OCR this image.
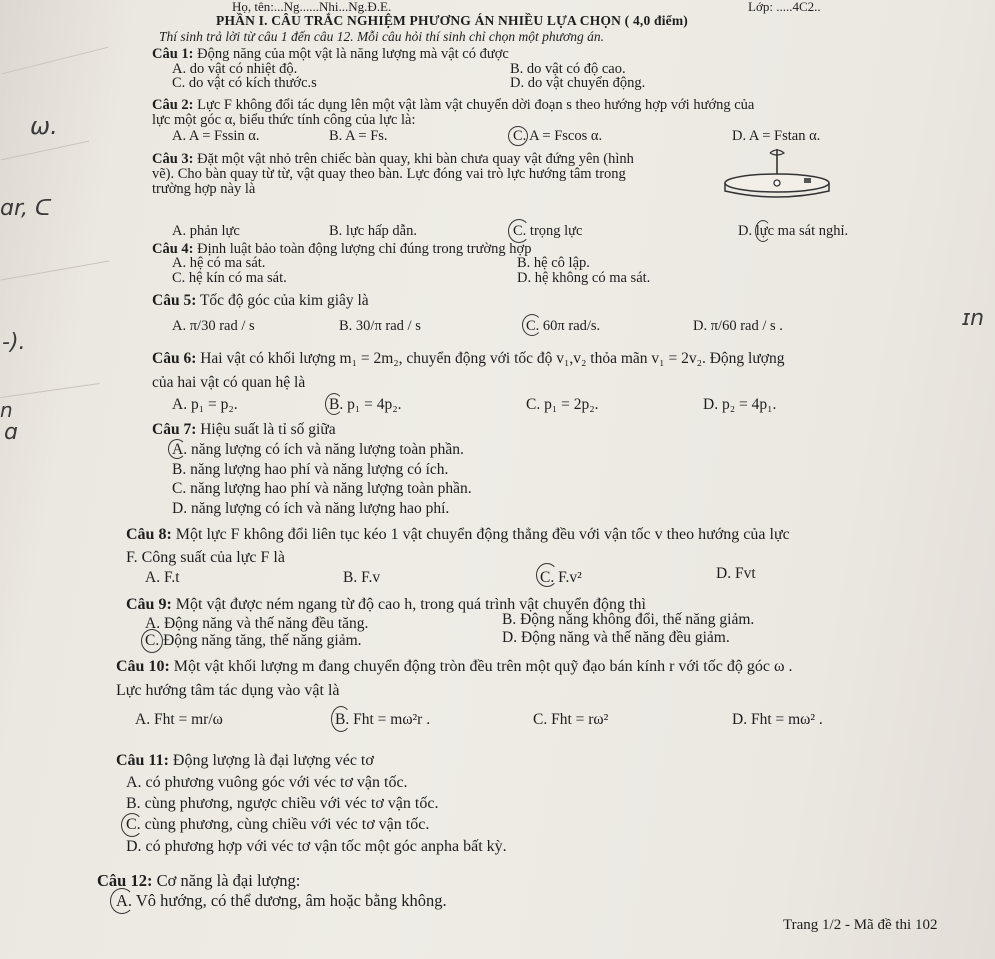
ω.
ɑr, ᑕ
-).
n
ɑ
ɪn
Họ, tên:...Ng......Nhi...Ng.Đ.E.	Lớp: .....4C2..
PHẦN I. CÂU TRẮC NGHIỆM PHƯƠNG ÁN NHIỀU LỰA CHỌN ( 4,0 điểm)
Thí sinh trả lời từ câu 1 đến câu 12. Mỗi câu hỏi thí sinh chỉ chọn một phương án.
Câu 1: Động năng của một vật là năng lượng mà vật có được
A. do vật có nhiệt độ.	B. do vật có độ cao.
C. do vật có kích thước.s	D. do vật chuyển động.
Câu 2: Lực F không đổi tác dụng lên một vật làm vật chuyển dời đoạn s theo hướng hợp với hướng của
lực một góc α, biểu thức tính công của lực là:
A. A = Fssin α.	B. A = Fs.	C. A = Fscos α.	D. A = Fstan α.
Câu 3: Đặt một vật nhỏ trên chiếc bàn quay, khi bàn chưa quay vật đứng yên (hình
vẽ). Cho bàn quay từ từ, vật quay theo bàn. Lực đóng vai trò lực hướng tâm trong
trường hợp này là
A. phản lực	B. lực hấp dẫn.	C. trọng lực	D. lực ma sát nghỉ.
Câu 4: Định luật bảo toàn động lượng chỉ đúng trong trường hợp
A. hệ có ma sát.	B. hệ cô lập.
C. hệ kín có ma sát.	D. hệ không có ma sát.
Câu 5: Tốc độ góc của kim giây là
A. π/30 rad / s	B. 30/π rad / s	C. 60π rad/s.	D. π/60 rad / s .
Câu 6: Hai vật có khối lượng m₁ = 2m₂, chuyển động với tốc độ v₁,v₂ thỏa mãn v₁ = 2v₂. Động lượng
của hai vật có quan hệ là
A. p₁ = p₂.	B. p₁ = 4p₂.	C. p₁ = 2p₂.	D. p₂ = 4p₁.
Câu 7: Hiệu suất là tỉ số giữa
A. năng lượng có ích và năng lượng toàn phần.
B. năng lượng hao phí và năng lượng có ích.
C. năng lượng hao phí và năng lượng toàn phần.
D. năng lượng có ích và năng lượng hao phí.
Câu 8: Một lực F không đổi liên tục kéo 1 vật chuyển động thẳng đều với vận tốc v theo hướng của lực
F. Công suất của lực F là
A. F.t	B. F.v	C. F.v²	D. Fvt
Câu 9: Một vật được ném ngang từ độ cao h, trong quá trình vật chuyển động thì
A. Động năng và thế năng đều tăng.	B. Động năng không đổi, thế năng giảm.
C. Động năng tăng, thế năng giảm.	D. Động năng và thế năng đều giảm.
Câu 10: Một vật khối lượng m đang chuyển động tròn đều trên một quỹ đạo bán kính r với tốc độ góc ω .
Lực hướng tâm tác dụng vào vật là
A. Fht = mr/ω	B. Fht = mω²r .	C. Fht = rω²	D. Fht = mω² .
Câu 11: Động lượng là đại lượng véc tơ
A. có phương vuông góc với véc tơ vận tốc.
B. cùng phương, ngược chiều với véc tơ vận tốc.
C. cùng phương, cùng chiều với véc tơ vận tốc.
D. có phương hợp với véc tơ vận tốc một góc anpha bất kỳ.
Câu 12: Cơ năng là đại lượng:
A. Vô hướng, có thể dương, âm hoặc bằng không.
Trang 1/2 - Mã đề thi 102
